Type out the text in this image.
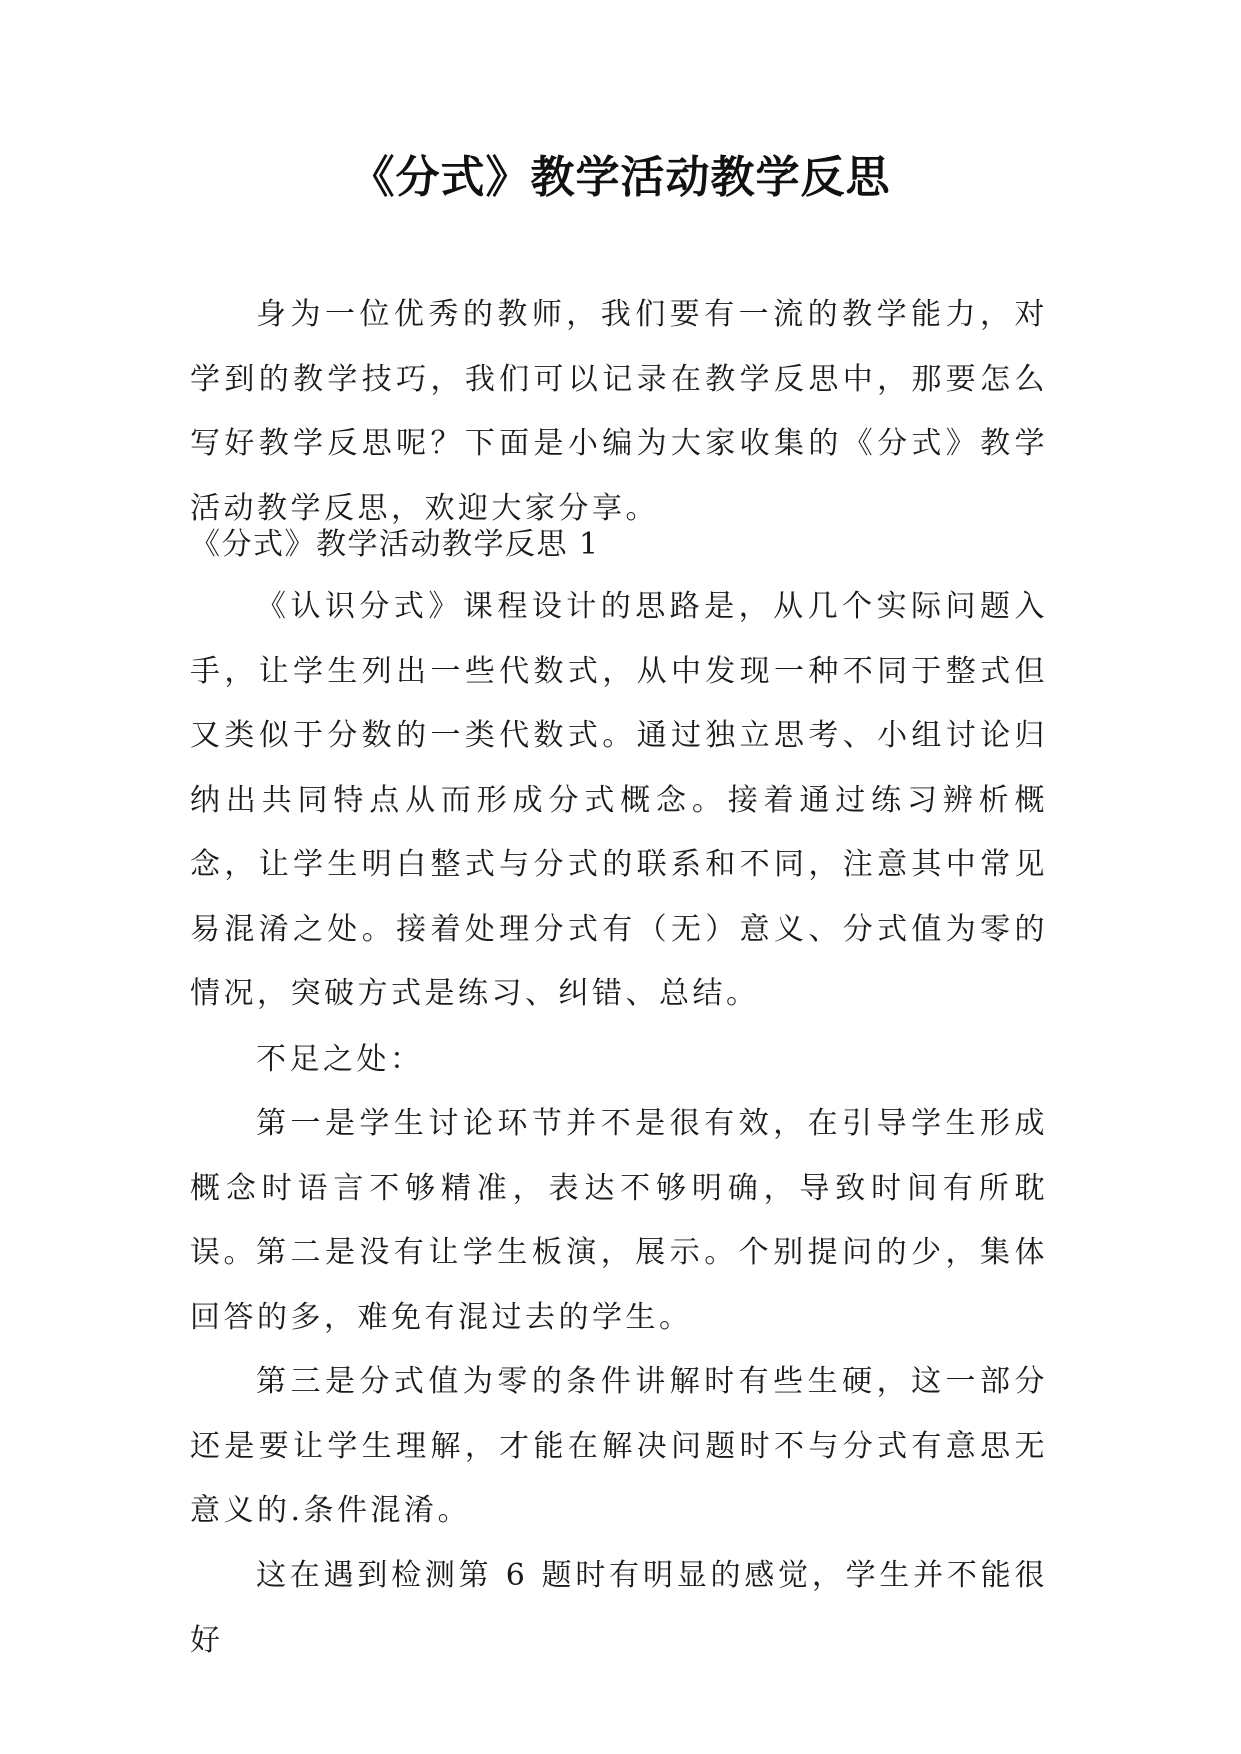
《分式》教学活动教学反思

身为一位优秀的教师，我们要有一流的教学能力，对学到的教学技巧，我们可以记录在教学反思中，那要怎么写好教学反思呢？下面是小编为大家收集的《分式》教学活动教学反思，欢迎大家分享。

《分式》教学活动教学反思 1

《认识分式》课程设计的思路是，从几个实际问题入手，让学生列出一些代数式，从中发现一种不同于整式但又类似于分数的一类代数式。通过独立思考、小组讨论归纳出共同特点从而形成分式概念。接着通过练习辨析概念，让学生明白整式与分式的联系和不同，注意其中常见易混淆之处。接着处理分式有（无）意义、分式值为零的情况，突破方式是练习、纠错、总结。

不足之处：

第一是学生讨论环节并不是很有效，在引导学生形成概念时语言不够精准，表达不够明确，导致时间有所耽误。 第二是没有让学生板演，展示。个别提问的少，集体回答的多，难免有混过去的学生。

第三是分式值为零的条件讲解时有些生硬，这一部分还是要让学生理解，才能在解决问题时不与分式有意思无意义的.条件混淆。

这在遇到检测第 6 题时有明显的感觉，学生并不能很好
